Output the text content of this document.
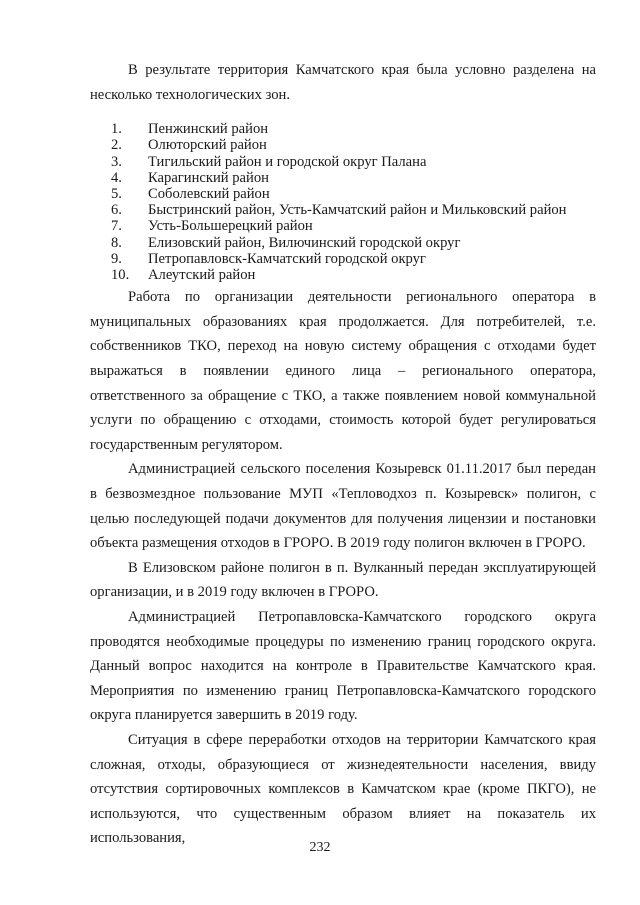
В результате территория Камчатского края была условно разделена на несколько технологических зон.

1.	Пенжинский район
2.	Олюторский район
3.	Тигильский район и городской округ Палана
4.	Карагинский район
5.	Соболевский район
6.	Быстринский район, Усть-Камчатский район и Мильковский район
7.	Усть-Большерецкий район
8.	Елизовский район, Вилючинский городской округ
9.	Петропавловск-Камчатский городской округ
10.	Алеутский район

Работа по организации деятельности регионального оператора в муниципальных образованиях края продолжается. Для потребителей, т.е. собственников ТКО, переход на новую систему обращения с отходами будет выражаться в появлении единого лица – регионального оператора, ответственного за обращение с ТКО, а также появлением новой коммунальной услуги по обращению с отходами, стоимость которой будет регулироваться государственным регулятором.

Администрацией сельского поселения Козыревск 01.11.2017 был передан в безвозмездное пользование МУП «Тепловодхоз п. Козыревск» полигон, с целью последующей подачи документов для получения лицензии и постановки объекта размещения отходов в ГРОРО. В 2019 году полигон включен в ГРОРО.

В Елизовском районе полигон в п. Вулканный передан эксплуатирующей организации, и в 2019 году включен в ГРОРО.

Администрацией Петропавловска-Камчатского городского округа проводятся необходимые процедуры по изменению границ городского округа. Данный вопрос находится на контроле в Правительстве Камчатского края. Мероприятия по изменению границ Петропавловска-Камчатского городского округа планируется завершить в 2019 году.

Ситуация в сфере переработки отходов на территории Камчатского края сложная, отходы, образующиеся от жизнедеятельности населения, ввиду отсутствия сортировочных комплексов в Камчатском крае (кроме ПКГО), не используются, что существенным образом влияет на показатель их использования,

232
